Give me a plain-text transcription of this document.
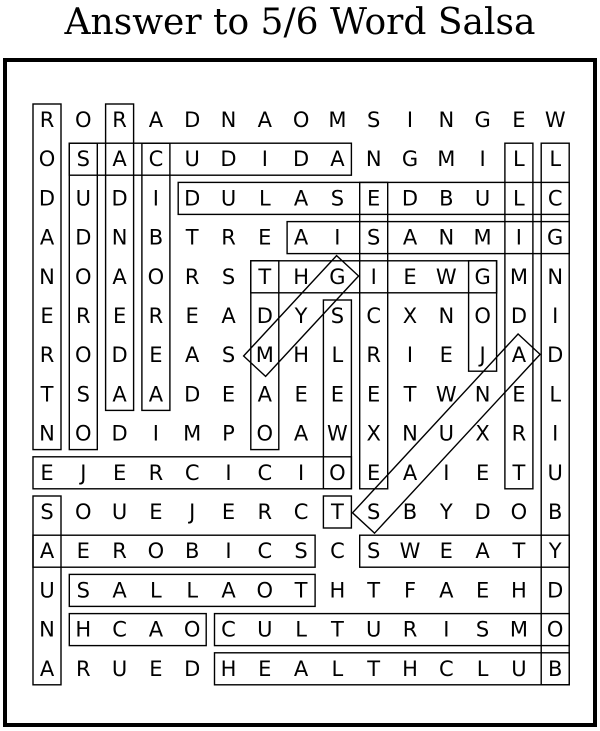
Answer to 5/6 Word Salsa
R O R A D N A O M S I N G E W
O S A C U D I D A N G M I L L
D U D I D U L A S E D B U L C
A D N B T R E A I S A N M I G
N O A O R S T H G I E W G M N
E R E R E A D Y S C X N O D I
R O D E A S M H L R I E J A D
T S A A D E A E E E T W N E L
N O D I M P O A W X N U X R I
E J E R C I C I O E A I E T U
S O U E J E R C T S B Y D O B
A E R O B I C S C S W E A T Y
U S A L L A O T H T F A E H D
N H C A O C U L T U R I S M O
A R U E D H E A L T H C L U B
